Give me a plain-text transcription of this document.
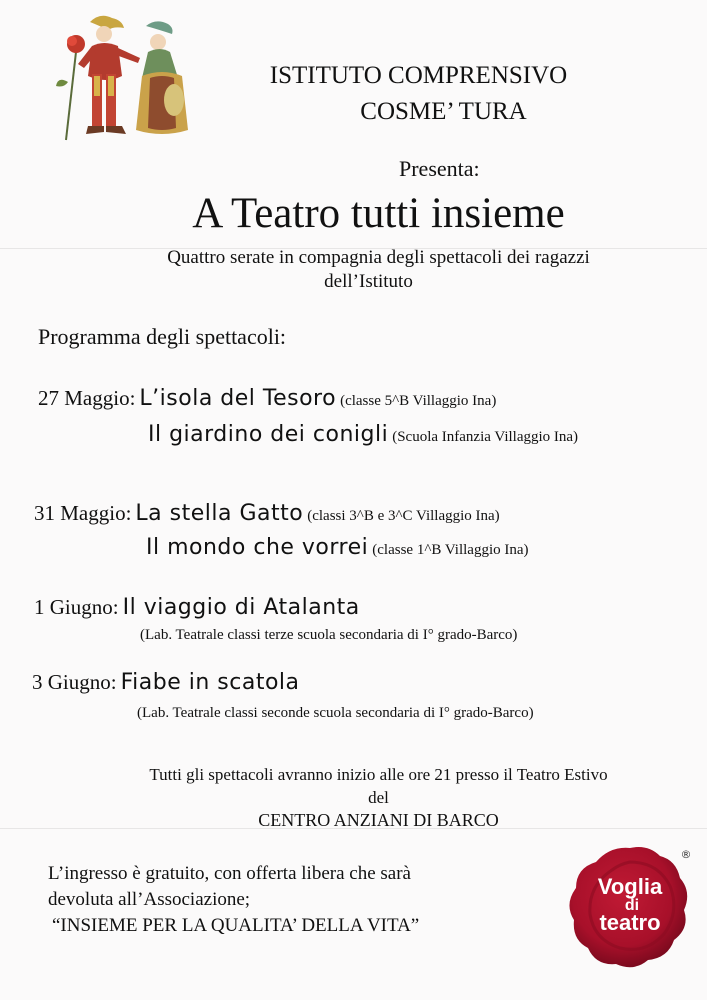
ISTITUTO COMPRENSIVO
COSME’ TURA
Presenta:
A Teatro tutti insieme
Quattro serate in compagnia degli spettacoli dei ragazzi
dell’Istituto
Programma degli spettacoli:
27 Maggio: L’isola del Tesoro (classe 5^B Villaggio Ina)
Il giardino dei conigli (Scuola Infanzia Villaggio Ina)
31 Maggio: La stella Gatto (classi 3^B e 3^C Villaggio Ina)
Il mondo che vorrei (classe 1^B Villaggio Ina)
1 Giugno: Il viaggio di Atalanta
(Lab. Teatrale classi terze scuola secondaria di I° grado-Barco)
3 Giugno: Fiabe in scatola
(Lab. Teatrale classi seconde scuola secondaria di I° grado-Barco)
Tutti gli spettacoli avranno inizio alle ore 21 presso il Teatro Estivo
del
CENTRO ANZIANI DI BARCO
L’ingresso è gratuito, con offerta libera che sarà
devoluta all’Associazione;
“INSIEME PER LA QUALITA’ DELLA VITA”
Voglia
di
teatro
®
